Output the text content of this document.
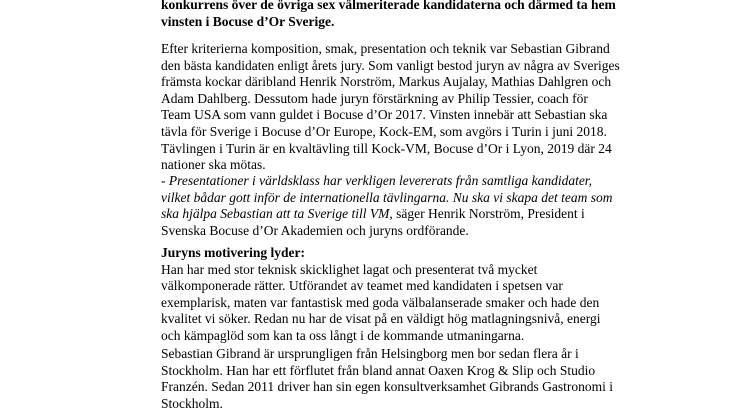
konkurrens över de övriga sex välmeriterade kandidaterna och därmed ta hem
vinsten i Bocuse d’Or Sverige.
Efter kriterierna komposition, smak, presentation och teknik var Sebastian Gibrand
den bästa kandidaten enligt årets jury. Som vanligt bestod juryn av några av Sveriges
främsta kockar däribland Henrik Norström, Markus Aujalay, Mathias Dahlgren och
Adam Dahlberg. Dessutom hade juryn förstärkning av Philip Tessier, coach för
Team USA som vann guldet i Bocuse d’Or 2017. Vinsten innebär att Sebastian ska
tävla för Sverige i Bocuse d’Or Europe, Kock-EM, som avgörs i Turin i juni 2018.
Tävlingen i Turin är en kvaltävling till Kock-VM, Bocuse d’Or i Lyon, 2019 där 24
nationer ska mötas.
- Presentationer i världsklass har verkligen levererats från samtliga kandidater,
vilket bådar gott inför de internationella tävlingarna. Nu ska vi skapa det team som
ska hjälpa Sebastian att ta Sverige till VM, säger Henrik Norström, President i
Svenska Bocuse d’Or Akademien och juryns ordförande.
Juryns motivering lyder:
Han har med stor teknisk skicklighet lagat och presenterat två mycket
välkomponerade rätter. Utförandet av teamet med kandidaten i spetsen var
exemplarisk, maten var fantastisk med goda välbalanserade smaker och hade den
kvalitet vi söker. Redan nu har de visat på en väldigt hög matlagningsnivå, energi
och kämpaglöd som kan ta oss långt i de kommande utmaningarna.
Sebastian Gibrand är ursprungligen från Helsingborg men bor sedan flera år i
Stockholm. Han har ett förflutet från bland annat Oaxen Krog & Slip och Studio
Franzén. Sedan 2011 driver han sin egen konsultverksamhet Gibrands Gastronomi i
Stockholm.
